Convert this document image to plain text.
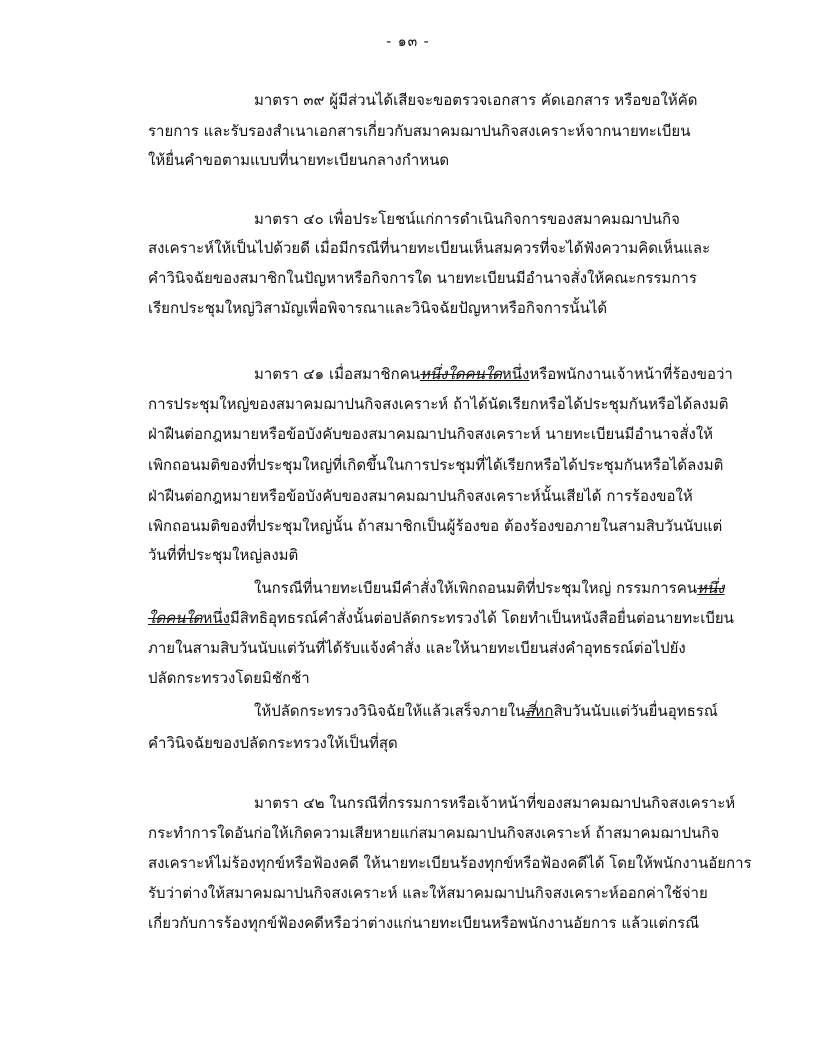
- ๑๓ -
มาตรา ๓๙ ผู้มีส่วนได้เสียจะขอตรวจเอกสาร คัดเอกสาร หรือขอให้คัด
รายการ และรับรองสำเนาเอกสารเกี่ยวกับสมาคมฌาปนกิจสงเคราะห์จากนายทะเบียน
ให้ยื่นคำขอตามแบบที่นายทะเบียนกลางกำหนด
มาตรา ๔๐ เพื่อประโยชน์แก่การดำเนินกิจการของสมาคมฌาปนกิจ
สงเคราะห์ให้เป็นไปด้วยดี เมื่อมีกรณีที่นายทะเบียนเห็นสมควรที่จะได้ฟังความคิดเห็นและ
คำวินิจฉัยของสมาชิกในปัญหาหรือกิจการใด นายทะเบียนมีอำนาจสั่งให้คณะกรรมการ
เรียกประชุมใหญ่วิสามัญเพื่อพิจารณาและวินิจฉัยปัญหาหรือกิจการนั้นได้
มาตรา ๔๑ เมื่อสมาชิกคนหนึ่งใดคนใดหนึ่งหรือพนักงานเจ้าหน้าที่ร้องขอว่า
การประชุมใหญ่ของสมาคมฌาปนกิจสงเคราะห์ ถ้าได้นัดเรียกหรือได้ประชุมกันหรือได้ลงมติ
ฝ่าฝืนต่อกฎหมายหรือข้อบังคับของสมาคมฌาปนกิจสงเคราะห์ นายทะเบียนมีอำนาจสั่งให้
เพิกถอนมติของที่ประชุมใหญ่ที่เกิดขึ้นในการประชุมที่ได้เรียกหรือได้ประชุมกันหรือได้ลงมติ
ฝ่าฝืนต่อกฎหมายหรือข้อบังคับของสมาคมฌาปนกิจสงเคราะห์นั้นเสียได้ การร้องขอให้
เพิกถอนมติของที่ประชุมใหญ่นั้น ถ้าสมาชิกเป็นผู้ร้องขอ ต้องร้องขอภายในสามสิบวันนับแต่
วันที่ที่ประชุมใหญ่ลงมติ
ในกรณีที่นายทะเบียนมีคำสั่งให้เพิกถอนมติที่ประชุมใหญ่ กรรมการคนหนึ่ง
ใดคนใดหนึ่งมีสิทธิอุทธรณ์คำสั่งนั้นต่อปลัดกระทรวงได้ โดยทำเป็นหนังสือยื่นต่อนายทะเบียน
ภายในสามสิบวันนับแต่วันที่ได้รับแจ้งคำสั่ง และให้นายทะเบียนส่งคำอุทธรณ์ต่อไปยัง
ปลัดกระทรวงโดยมิชักช้า
ให้ปลัดกระทรวงวินิจฉัยให้แล้วเสร็จภายในสี่หกสิบวันนับแต่วันยื่นอุทธรณ์
คำวินิจฉัยของปลัดกระทรวงให้เป็นที่สุด
มาตรา ๔๒ ในกรณีที่กรรมการหรือเจ้าหน้าที่ของสมาคมฌาปนกิจสงเคราะห์
กระทำการใดอันก่อให้เกิดความเสียหายแก่สมาคมฌาปนกิจสงเคราะห์ ถ้าสมาคมฌาปนกิจ
สงเคราะห์ไม่ร้องทุกข์หรือฟ้องคดี ให้นายทะเบียนร้องทุกข์หรือฟ้องคดีได้ โดยให้พนักงานอัยการ
รับว่าต่างให้สมาคมฌาปนกิจสงเคราะห์ และให้สมาคมฌาปนกิจสงเคราะห์ออกค่าใช้จ่าย
เกี่ยวกับการร้องทุกข์ฟ้องคดีหรือว่าต่างแก่นายทะเบียนหรือพนักงานอัยการ แล้วแต่กรณี
